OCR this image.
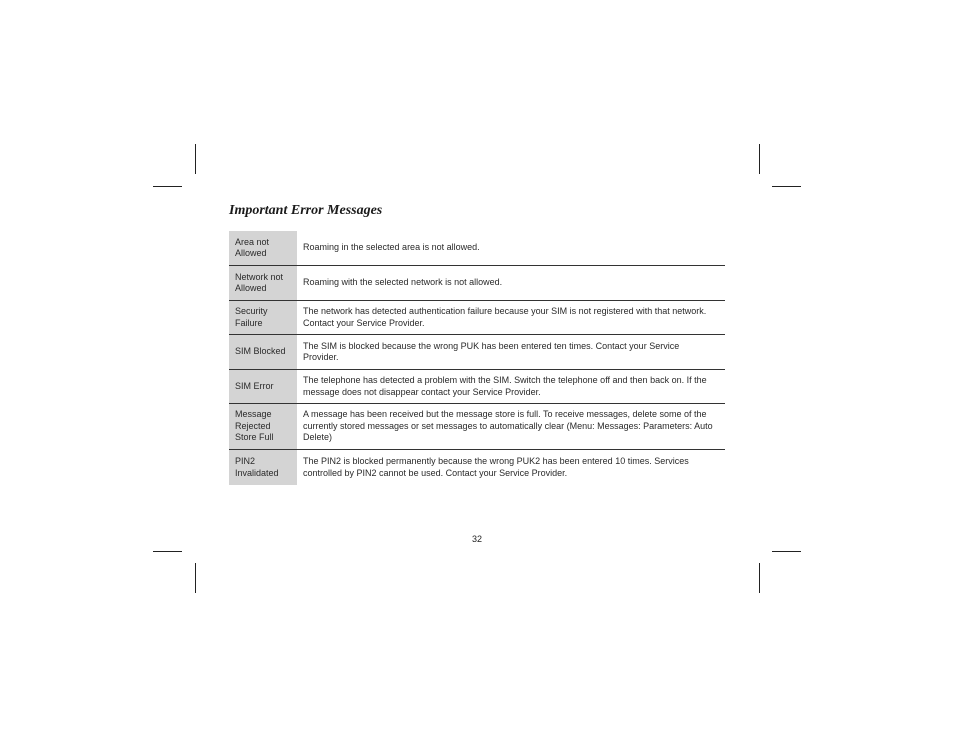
Important Error Messages
Area not Allowed
Roaming in the selected area is not allowed.
Network not Allowed
Roaming with the selected network is not allowed.
Security Failure
The network has detected authentication failure because your SIM is not registered with that network. Contact your Service Provider.
SIM Blocked
The SIM is blocked because the wrong PUK has been entered ten times. Contact your Service Provider.
SIM Error
The telephone has detected a problem with the SIM. Switch the telephone off and then back on. If the message does not disappear contact your Service Provider.
Message Rejected Store Full
A message has been received but the message store is full. To receive messages, delete some of the currently stored messages or set messages to automatically clear (Menu: Messages: Parameters: Auto Delete)
PIN2 Invalidated
The PIN2 is blocked permanently because the wrong PUK2 has been entered 10 times. Services controlled by PIN2 cannot be used. Contact your Service Provider.
32
